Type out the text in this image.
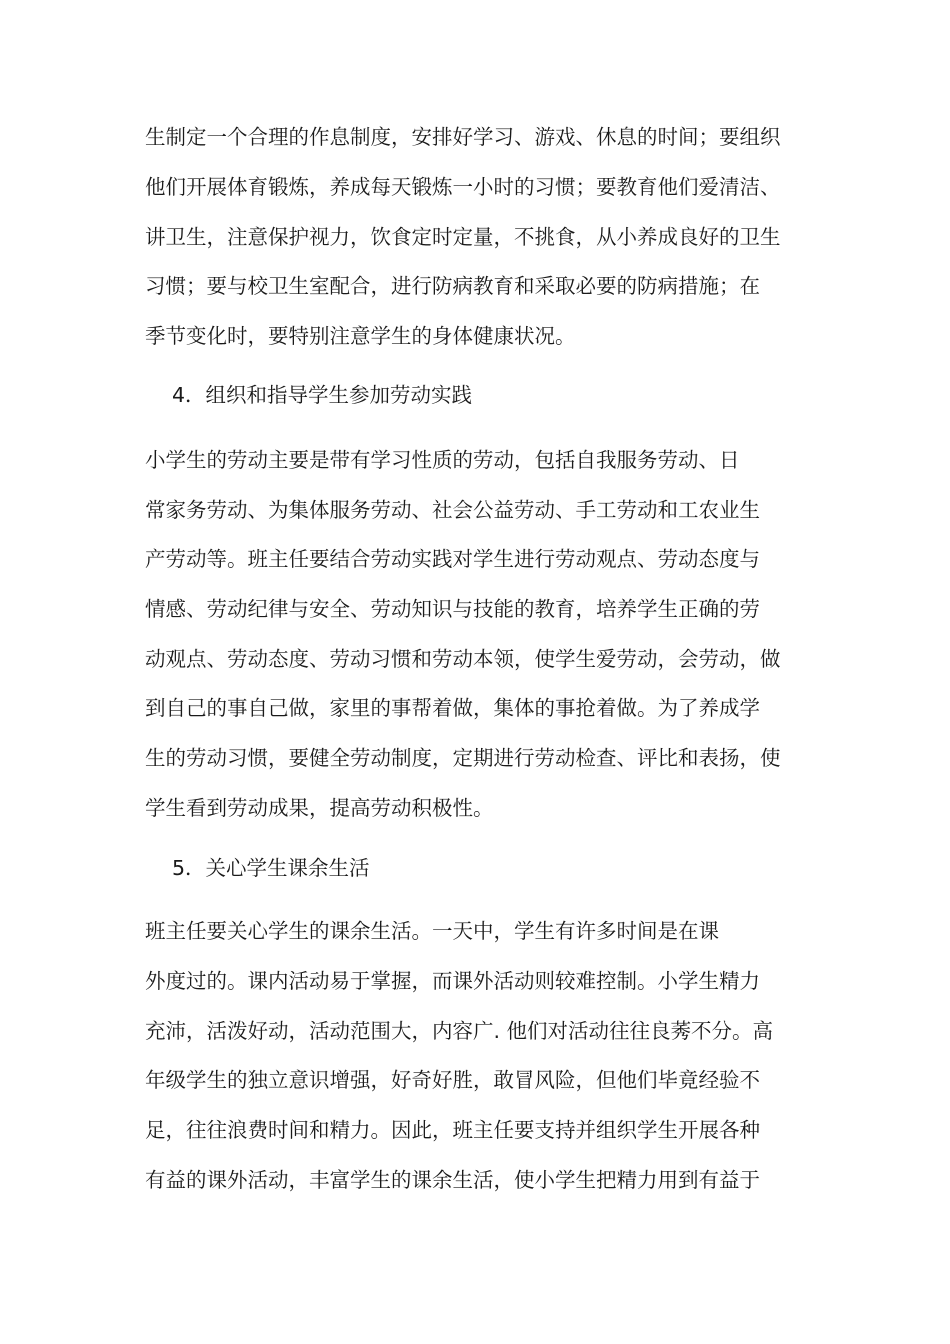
生制定一个合理的作息制度，安排好学习、游戏、休息的时间；要组织
他们开展体育锻炼，养成每天锻炼一小时的习惯；要教育他们爱清洁、
讲卫生，注意保护视力，饮食定时定量，不挑食，从小养成良好的卫生
习惯；要与校卫生室配合，进行防病教育和采取必要的防病措施；在
季节变化时，要特别注意学生的身体健康状况。
4．组织和指导学生参加劳动实践
小学生的劳动主要是带有学习性质的劳动，包括自我服务劳动、日
常家务劳动、为集体服务劳动、社会公益劳动、手工劳动和工农业生
产劳动等。班主任要结合劳动实践对学生进行劳动观点、劳动态度与
情感、劳动纪律与安全、劳动知识与技能的教育，培养学生正确的劳
动观点、劳动态度、劳动习惯和劳动本领，使学生爱劳动，会劳动，做
到自己的事自己做，家里的事帮着做，集体的事抢着做。为了养成学
生的劳动习惯，要健全劳动制度，定期进行劳动检查、评比和表扬，使
学生看到劳动成果，提高劳动积极性。
5．关心学生课余生活
班主任要关心学生的课余生活。一天中，学生有许多时间是在课
外度过的。课内活动易于掌握，而课外活动则较难控制。小学生精力
充沛，活泼好动，活动范围大，内容广. 他们对活动往往良莠不分。高
年级学生的独立意识增强，好奇好胜，敢冒风险，但他们毕竟经验不
足，往往浪费时间和精力。因此，班主任要支持并组织学生开展各种
有益的课外活动，丰富学生的课余生活，使小学生把精力用到有益于
